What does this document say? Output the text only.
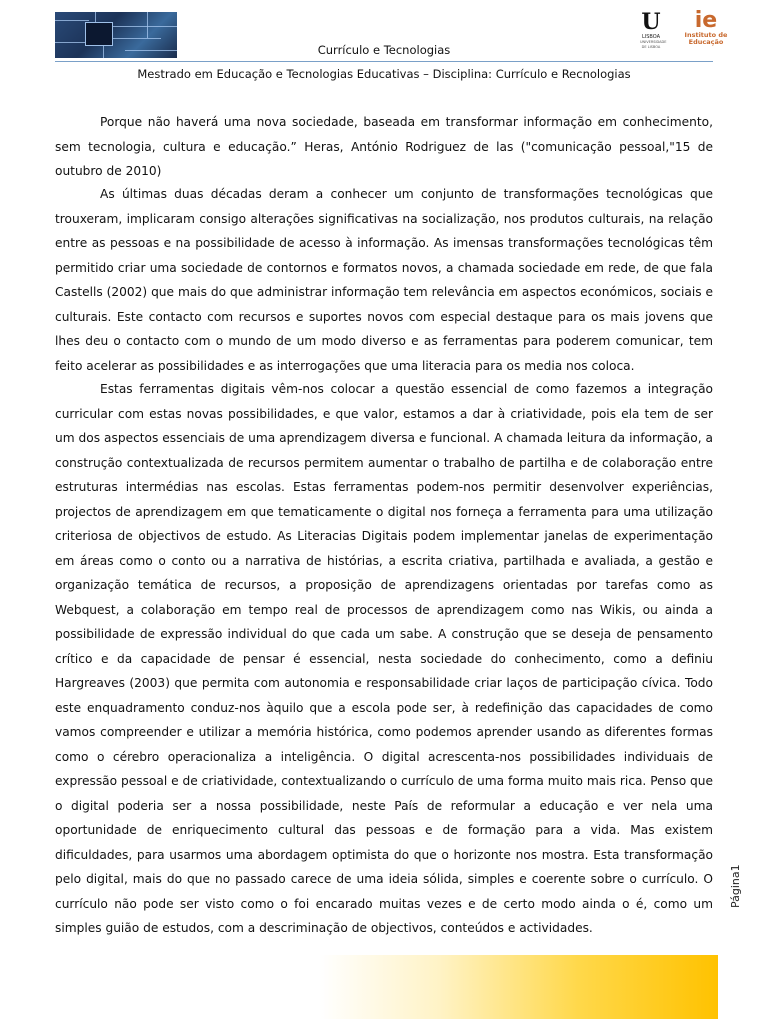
Currículo e Tecnologias
U
LISBOA
UNIVERSIDADE DE LISBOA
ie
Instituto de
Educação
Mestrado em Educação e Tecnologias Educativas – Disciplina: Currículo e Recnologias

Porque não haverá uma nova sociedade, baseada em transformar informação em conhecimento, sem tecnologia, cultura e educação.” Heras, António Rodriguez de las ("comunicação pessoal,"15 de outubro de 2010)

As últimas duas décadas deram a conhecer um conjunto de transformações tecnológicas que trouxeram, implicaram consigo alterações significativas na socialização, nos produtos culturais, na relação entre as pessoas e na possibilidade de acesso à informação. As imensas transformações tecnológicas têm permitido criar uma sociedade de contornos e formatos novos, a chamada sociedade em rede, de que fala Castells (2002) que mais do que administrar informação tem relevância em aspectos económicos, sociais e culturais. Este contacto com recursos e suportes novos com especial destaque para os mais jovens que lhes deu o contacto com o mundo de um modo diverso e as ferramentas para poderem comunicar, tem feito acelerar as possibilidades e as interrogações que uma literacia para os media nos coloca.

Estas ferramentas digitais vêm-nos colocar a questão essencial de como fazemos a integração curricular com estas novas possibilidades, e que valor, estamos a dar à criatividade, pois ela tem de ser um dos aspectos essenciais de uma aprendizagem diversa e funcional. A chamada leitura da informação, a construção contextualizada de recursos permitem aumentar o trabalho de partilha e de colaboração entre estruturas intermédias nas escolas. Estas ferramentas podem-nos permitir desenvolver experiências, projectos de aprendizagem em que tematicamente o digital nos forneça a ferramenta para uma utilização criteriosa de objectivos de estudo. As Literacias Digitais podem implementar janelas de experimentação em áreas como o conto ou a narrativa de histórias, a escrita criativa, partilhada e avaliada, a gestão e organização temática de recursos, a proposição de aprendizagens orientadas por tarefas como as Webquest, a colaboração em tempo real de processos de aprendizagem como nas Wikis, ou ainda a possibilidade de expressão individual do que cada um sabe. A construção que se deseja de pensamento crítico e da capacidade de pensar é essencial, nesta sociedade do conhecimento, como a definiu Hargreaves (2003) que permita com autonomia e responsabilidade criar laços de participação cívica. Todo este enquadramento conduz-nos àquilo que a escola pode ser, à redefinição das capacidades de como vamos compreender e utilizar a memória histórica, como podemos aprender usando as diferentes formas como o cérebro operacionaliza a inteligência. O digital acrescenta-nos possibilidades individuais de expressão pessoal e de criatividade, contextualizando o currículo de uma forma muito mais rica. Penso que o digital poderia ser a nossa possibilidade, neste País de reformular a educação e ver nela uma oportunidade de enriquecimento cultural das pessoas e de formação para a vida. Mas existem dificuldades, para usarmos uma abordagem optimista do que o horizonte nos mostra. Esta transformação pelo digital, mais do que no passado carece de uma ideia sólida, simples e coerente sobre o currículo. O currículo não pode ser visto como o foi encarado muitas vezes e de certo modo ainda o é, como um simples guião de estudos, com a descriminação de objectivos, conteúdos e actividades.

Página1
